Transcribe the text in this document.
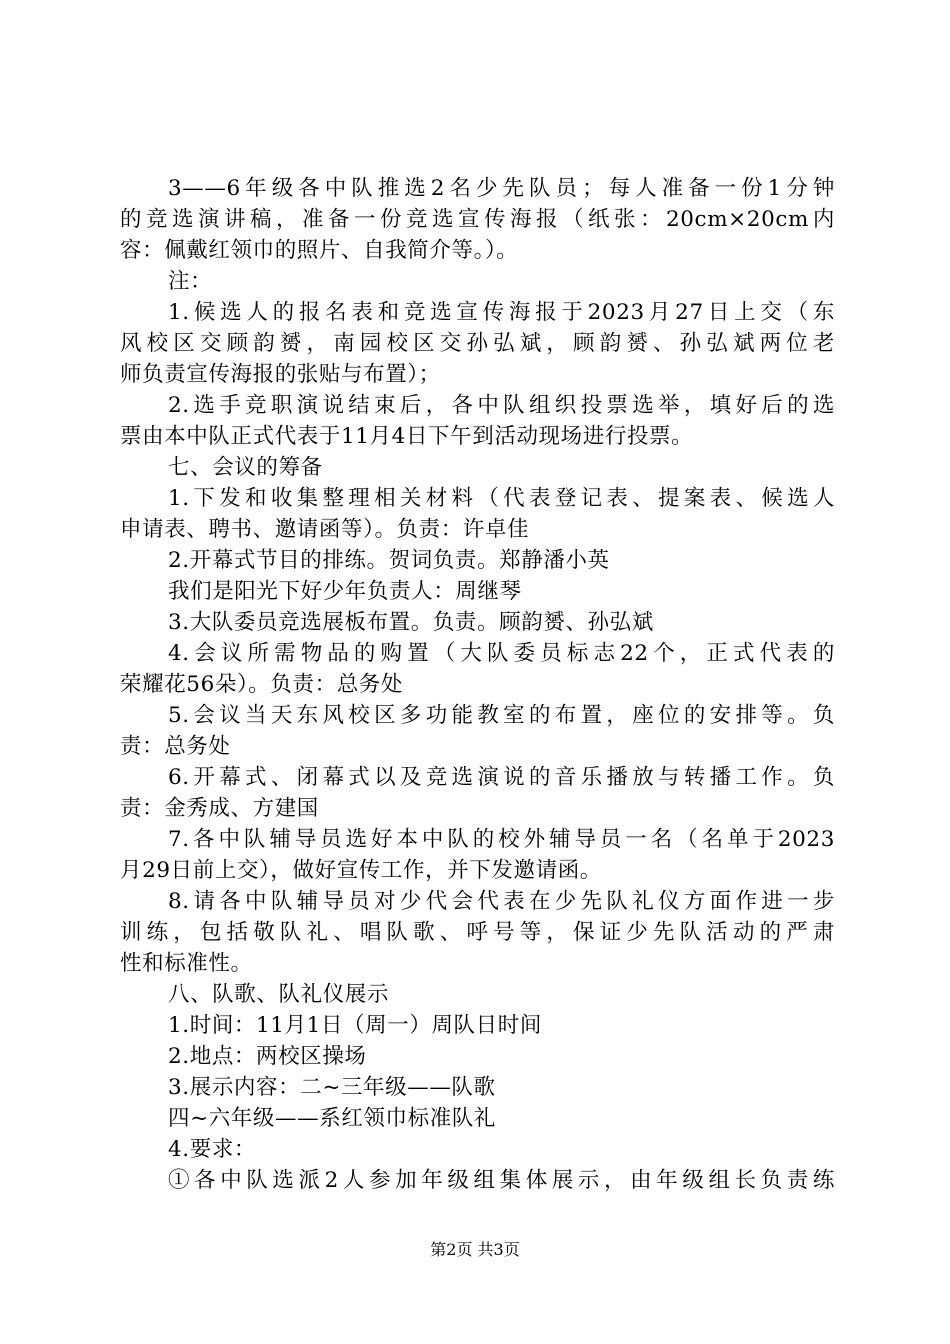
3——6年级各中队推选2名少先队员；每人准备一份1分钟
的竞选演讲稿，准备一份竞选宣传海报（纸张：20cm×20cm内
容：佩戴红领巾的照片、自我简介等。）。
注：
1.候选人的报名表和竞选宣传海报于2023月27日上交（东
风校区交顾韵赟，南园校区交孙弘斌，顾韵赟、孙弘斌两位老
师负责宣传海报的张贴与布置）；
2.选手竞职演说结束后，各中队组织投票选举，填好后的选
票由本中队正式代表于11月4日下午到活动现场进行投票。
七、会议的筹备
1.下发和收集整理相关材料（代表登记表、提案表、候选人
申请表、聘书、邀请函等）。负责：许卓佳
2.开幕式节目的排练。贺词负责。郑静潘小英
我们是阳光下好少年负责人：周继琴
3.大队委员竞选展板布置。负责。顾韵赟、孙弘斌
4.会议所需物品的购置（大队委员标志22个，正式代表的
荣耀花56朵）。负责：总务处
5.会议当天东风校区多功能教室的布置，座位的安排等。负
责：总务处
6.开幕式、闭幕式以及竞选演说的音乐播放与转播工作。负
责：金秀成、方建国
7.各中队辅导员选好本中队的校外辅导员一名（名单于2023
月29日前上交），做好宣传工作，并下发邀请函。
8.请各中队辅导员对少代会代表在少先队礼仪方面作进一步
训练，包括敬队礼、唱队歌、呼号等，保证少先队活动的严肃
性和标准性。
八、队歌、队礼仪展示
1.时间：11月1日（周一）周队日时间
2.地点：两校区操场
3.展示内容：二~三年级——队歌
四~六年级——系红领巾标准队礼
4.要求：
①各中队选派2人参加年级组集体展示，由年级组长负责练
第2页 共3页
